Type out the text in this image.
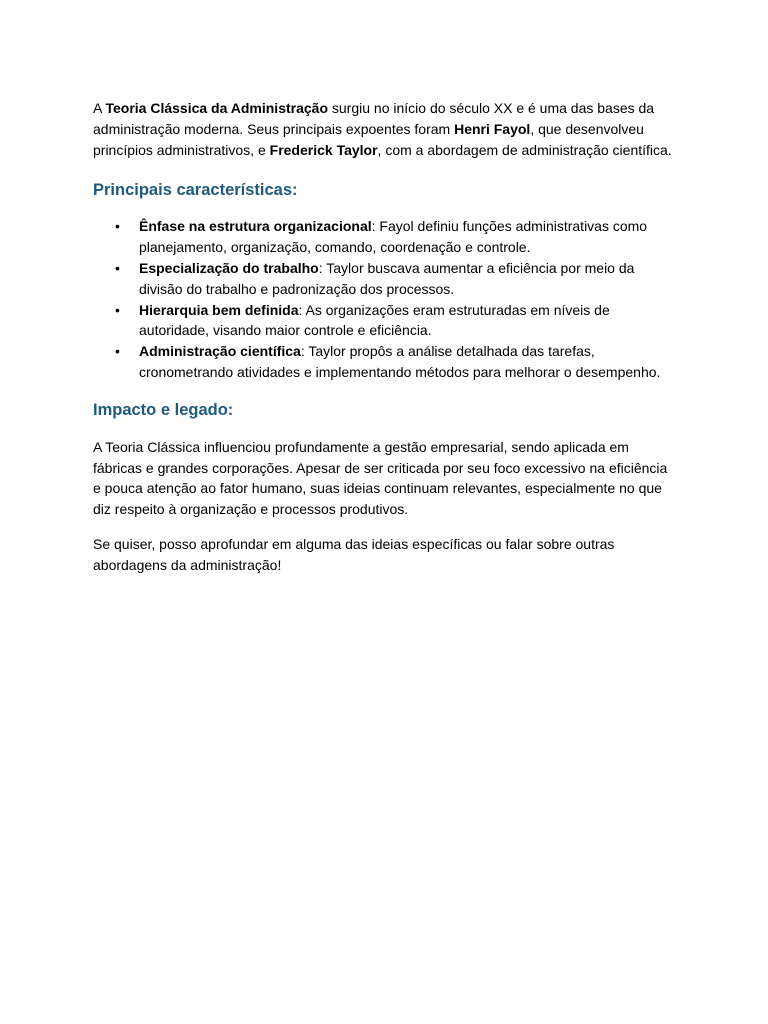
A Teoria Clássica da Administração surgiu no início do século XX e é uma das bases da administração moderna. Seus principais expoentes foram Henri Fayol, que desenvolveu princípios administrativos, e Frederick Taylor, com a abordagem de administração científica.

Principais características:
• Ênfase na estrutura organizacional: Fayol definiu funções administrativas como planejamento, organização, comando, coordenação e controle.
• Especialização do trabalho: Taylor buscava aumentar a eficiência por meio da divisão do trabalho e padronização dos processos.
• Hierarquia bem definida: As organizações eram estruturadas em níveis de autoridade, visando maior controle e eficiência.
• Administração científica: Taylor propôs a análise detalhada das tarefas, cronometrando atividades e implementando métodos para melhorar o desempenho.
Impacto e legado:

A Teoria Clássica influenciou profundamente a gestão empresarial, sendo aplicada em fábricas e grandes corporações. Apesar de ser criticada por seu foco excessivo na eficiência e pouca atenção ao fator humano, suas ideias continuam relevantes, especialmente no que diz respeito à organização e processos produtivos.

Se quiser, posso aprofundar em alguma das ideias específicas ou falar sobre outras abordagens da administração!
